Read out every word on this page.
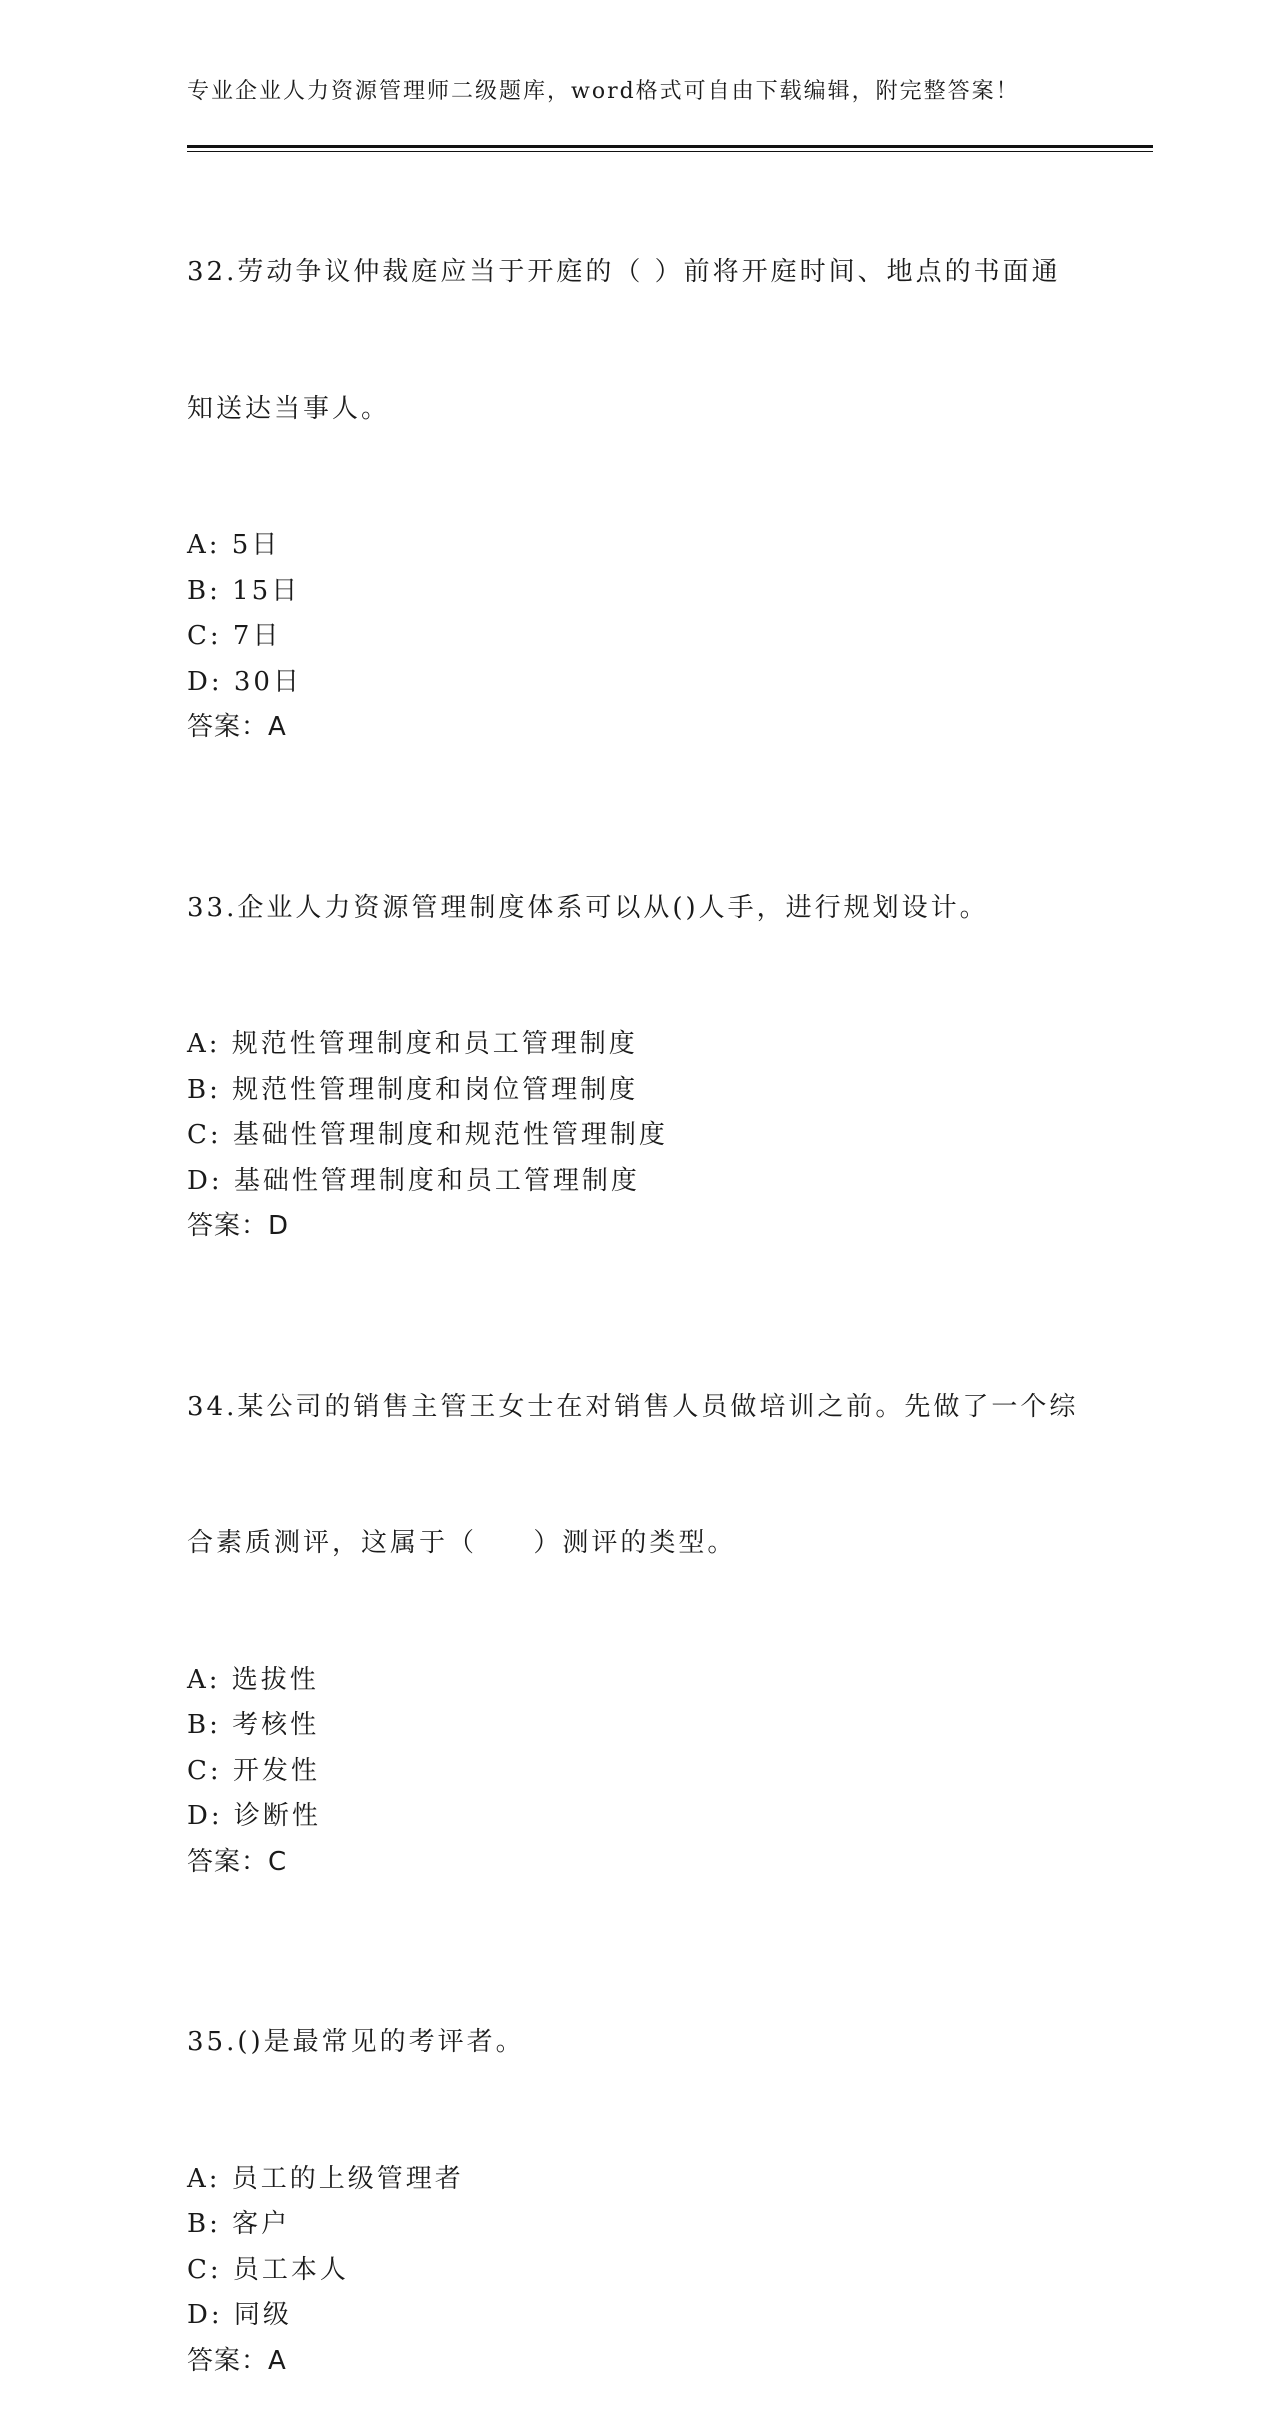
专业企业人力资源管理师二级题库，word格式可自由下载编辑，附完整答案！

32.劳动争议仲裁庭应当于开庭的（ ）前将开庭时间、地点的书面通

知送达当事人。

A: 5日
B: 15日
C: 7日
D: 30日
答案：A

33.企业人力资源管理制度体系可以从()人手，进行规划设计。

A: 规范性管理制度和员工管理制度
B: 规范性管理制度和岗位管理制度
C: 基础性管理制度和规范性管理制度
D: 基础性管理制度和员工管理制度
答案：D

34.某公司的销售主管王女士在对销售人员做培训之前。先做了一个综

合素质测评，这属于（     ）测评的类型。

A: 选拔性
B: 考核性
C: 开发性
D: 诊断性
答案：C

35.()是最常见的考评者。

A: 员工的上级管理者
B: 客户
C: 员工本人
D: 同级
答案：A
